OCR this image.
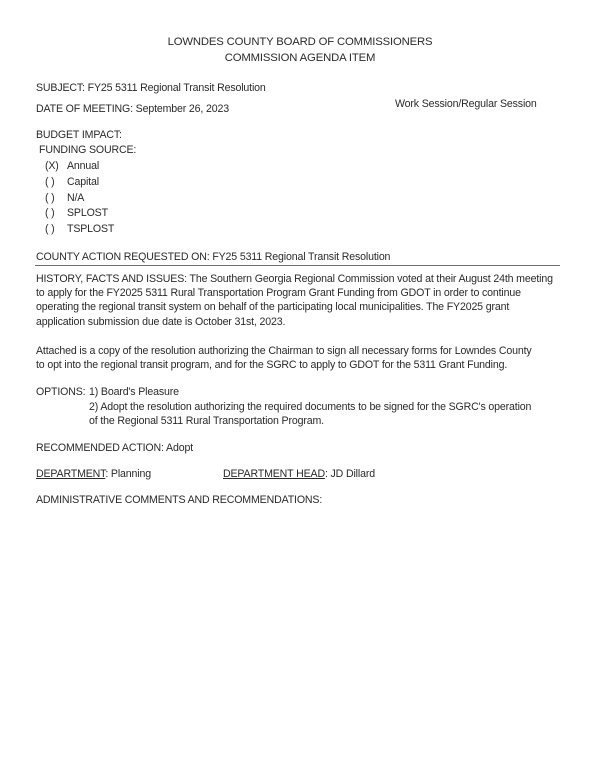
LOWNDES COUNTY BOARD OF COMMISSIONERS
COMMISSION AGENDA ITEM
SUBJECT: FY25 5311 Regional Transit Resolution
DATE OF MEETING: September 26, 2023	Work Session/Regular Session
BUDGET IMPACT:
FUNDING SOURCE:
(X) Annual
( ) Capital
( ) N/A
( ) SPLOST
( ) TSPLOST
COUNTY ACTION REQUESTED ON: FY25 5311 Regional Transit Resolution
HISTORY, FACTS AND ISSUES: The Southern Georgia Regional Commission voted at their August 24th meeting
to apply for the FY2025 5311 Rural Transportation Program Grant Funding from GDOT in order to continue
operating the regional transit system on behalf of the participating local municipalities. The FY2025 grant
application submission due date is October 31st, 2023.
Attached is a copy of the resolution authorizing the Chairman to sign all necessary forms for Lowndes County
to opt into the regional transit program, and for the SGRC to apply to GDOT for the 5311 Grant Funding.
OPTIONS: 1) Board's Pleasure
2) Adopt the resolution authorizing the required documents to be signed for the SGRC's operation
of the Regional 5311 Rural Transportation Program.
RECOMMENDED ACTION: Adopt
DEPARTMENT: Planning	DEPARTMENT HEAD: JD Dillard
ADMINISTRATIVE COMMENTS AND RECOMMENDATIONS:
